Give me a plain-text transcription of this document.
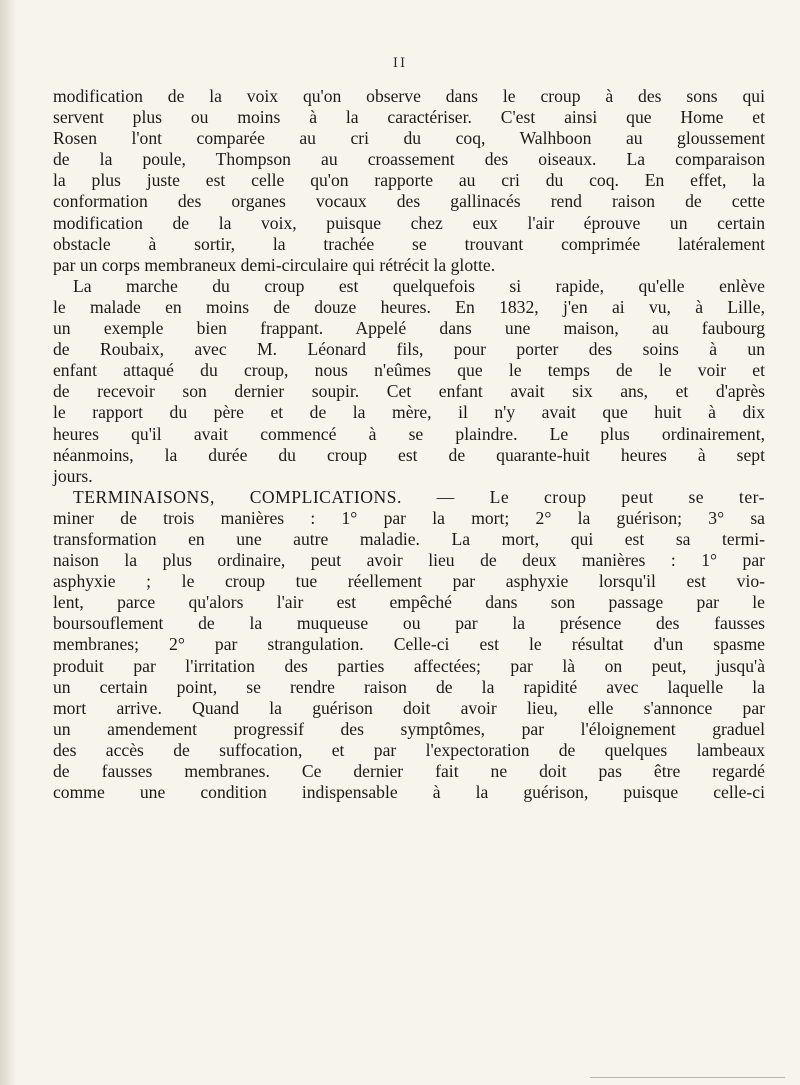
II
modification de la voix qu'on observe dans le croup à des sons qui
servent plus ou moins à la caractériser. C'est ainsi que Home et
Rosen l'ont comparée au cri du coq, Walhboon au gloussement
de la poule, Thompson au croassement des oiseaux. La comparaison
la plus juste est celle qu'on rapporte au cri du coq. En effet, la
conformation des organes vocaux des gallinacés rend raison de cette
modification de la voix, puisque chez eux l'air éprouve un certain
obstacle à sortir, la trachée se trouvant comprimée latéralement
par un corps membraneux demi-circulaire qui rétrécit la glotte.
La marche du croup est quelquefois si rapide, qu'elle enlève
le malade en moins de douze heures. En 1832, j'en ai vu, à Lille,
un exemple bien frappant. Appelé dans une maison, au faubourg
de Roubaix, avec M. Léonard fils, pour porter des soins à un
enfant attaqué du croup, nous n'eûmes que le temps de le voir et
de recevoir son dernier soupir. Cet enfant avait six ans, et d'après
le rapport du père et de la mère, il n'y avait que huit à dix
heures qu'il avait commencé à se plaindre. Le plus ordinairement,
néanmoins, la durée du croup est de quarante-huit heures à sept
jours.
TERMINAISONS, COMPLICATIONS. — Le croup peut se ter-
miner de trois manières : 1° par la mort; 2° la guérison; 3° sa
transformation en une autre maladie. La mort, qui est sa termi-
naison la plus ordinaire, peut avoir lieu de deux manières : 1° par
asphyxie ; le croup tue réellement par asphyxie lorsqu'il est vio-
lent, parce qu'alors l'air est empêché dans son passage par le
boursouflement de la muqueuse ou par la présence des fausses
membranes; 2° par strangulation. Celle-ci est le résultat d'un spasme
produit par l'irritation des parties affectées; par là on peut, jusqu'à
un certain point, se rendre raison de la rapidité avec laquelle la
mort arrive. Quand la guérison doit avoir lieu, elle s'annonce par
un amendement progressif des symptômes, par l'éloignement graduel
des accès de suffocation, et par l'expectoration de quelques lambeaux
de fausses membranes. Ce dernier fait ne doit pas être regardé
comme une condition indispensable à la guérison, puisque celle-ci
